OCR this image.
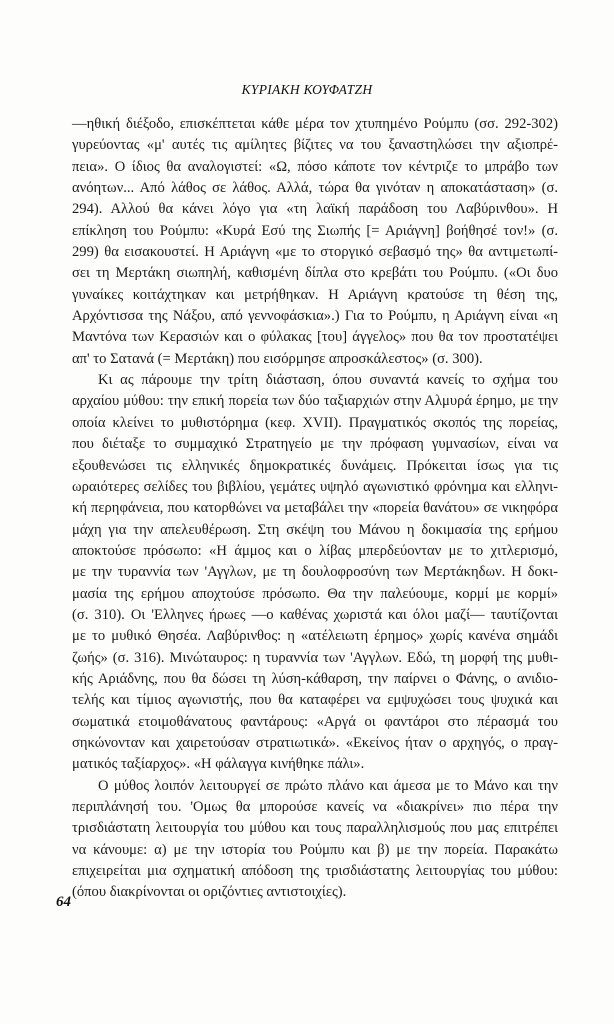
ΚΥΡΙΑΚΗ ΚΟΥΦΑΤΖΗ
—ηθική διέξοδο, επισκέπτεται κάθε μέρα τον χτυπημένο Ρούμπυ (σσ. 292-302)
γυρεύοντας «μ' αυτές τις αμίλητες βίζιτες να του ξαναστηλώσει την αξιοπρέ-
πεια». Ο ίδιος θα αναλογιστεί: «Ω, πόσο κάποτε τον κέντριζε το μπράβο των
ανόητων... Από λάθος σε λάθος. Αλλά, τώρα θα γινόταν η αποκατάσταση» (σ.
294). Αλλού θα κάνει λόγο για «τη λαϊκή παράδοση του Λαβύρινθου». Η
επίκληση του Ρούμπυ: «Κυρά Εσύ της Σιωπής [= Αριάγνη] βοήθησέ τον!» (σ.
299) θα εισακουστεί. Η Αριάγνη «με το στοργικό σεβασμό της» θα αντιμετωπί-
σει τη Μερτάκη σιωπηλή, καθισμένη δίπλα στο κρεβάτι του Ρούμπυ. («Οι δυο
γυναίκες κοιτάχτηκαν και μετρήθηκαν. Η Αριάγνη κρατούσε τη θέση της,
Αρχόντισσα της Νάξου, από γεννοφάσκια».) Για το Ρούμπυ, η Αριάγνη είναι «η
Μαντόνα των Κερασιών και ο φύλακας [του] άγγελος» που θα τον προστατέψει
απ' το Σατανά (= Μερτάκη) που εισόρμησε απροσκάλεστος» (σ. 300).
Κι ας πάρουμε την τρίτη διάσταση, όπου συναντά κανείς το σχήμα του
αρχαίου μύθου: την επική πορεία των δύο ταξιαρχιών στην Αλμυρά έρημο, με την
οποία κλείνει το μυθιστόρημα (κεφ. XVII). Πραγματικός σκοπός της πορείας,
που διέταξε το συμμαχικό Στρατηγείο με την πρόφαση γυμνασίων, είναι να
εξουθενώσει τις ελληνικές δημοκρατικές δυνάμεις. Πρόκειται ίσως για τις
ωραιότερες σελίδες του βιβλίου, γεμάτες υψηλό αγωνιστικό φρόνημα και ελληνι-
κή περηφάνεια, που κατορθώνει να μεταβάλει την «πορεία θανάτου» σε νικηφόρα
μάχη για την απελευθέρωση. Στη σκέψη του Μάνου η δοκιμασία της ερήμου
αποκτούσε πρόσωπο: «Η άμμος και ο λίβας μπερδεύονταν με το χιτλερισμό,
με την τυραννία των 'Αγγλων, με τη δουλοφροσύνη των Μερτάκηδων. Η δοκι-
μασία της ερήμου αποχτούσε πρόσωπο. Θα την παλεύουμε, κορμί με κορμί»
(σ. 310). Οι 'Ελληνες ήρωες —ο καθένας χωριστά και όλοι μαζί— ταυτίζονται
με το μυθικό Θησέα. Λαβύρινθος: η «ατέλειωτη έρημος» χωρίς κανένα σημάδι
ζωής» (σ. 316). Μινώταυρος: η τυραννία των 'Αγγλων. Εδώ, τη μορφή της μυθι-
κής Αριάδνης, που θα δώσει τη λύση-κάθαρση, την παίρνει ο Φάνης, ο ανιδιο-
τελής και τίμιος αγωνιστής, που θα καταφέρει να εμψυχώσει τους ψυχικά και
σωματικά ετοιμοθάνατους φαντάρους: «Αργά οι φαντάροι στο πέρασμά του
σηκώνονταν και χαιρετούσαν στρατιωτικά». «Εκείνος ήταν ο αρχηγός, ο πραγ-
ματικός ταξίαρχος». «Η φάλαγγα κινήθηκε πάλι».
Ο μύθος λοιπόν λειτουργεί σε πρώτο πλάνο και άμεσα με το Μάνο και την
περιπλάνησή του. 'Ομως θα μπορούσε κανείς να «διακρίνει» πιο πέρα την
τρισδιάστατη λειτουργία του μύθου και τους παραλληλισμούς που μας επιτρέπει
να κάνουμε: α) με την ιστορία του Ρούμπυ και β) με την πορεία. Παρακάτω
επιχειρείται μια σχηματική απόδοση της τρισδιάστατης λειτουργίας του μύθου:
(όπου διακρίνονται οι οριζόντιες αντιστοιχίες).
64
